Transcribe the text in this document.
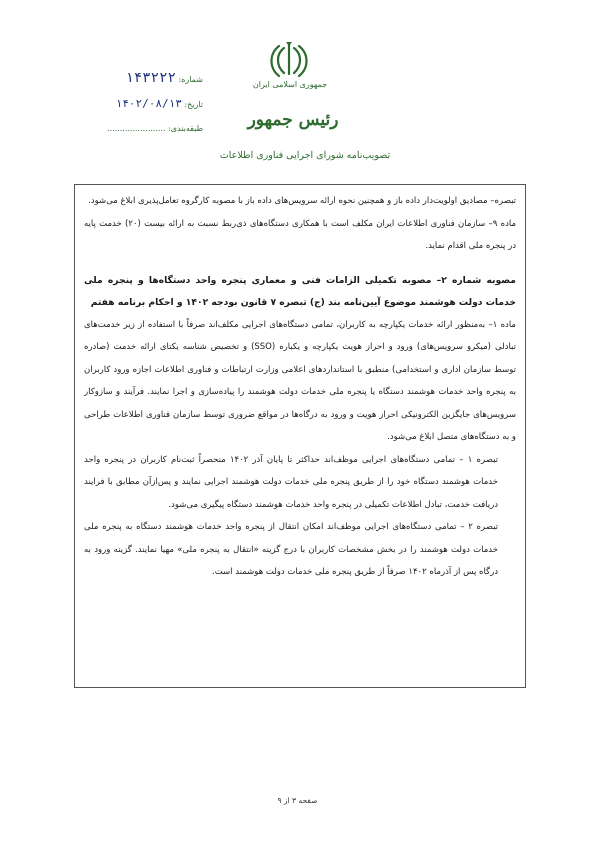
جمهوری اسلامی ایران
رئیس جمهور
تصویب‌نامه شورای اجرایی فناوری اطلاعات
شماره: ۱۴۳۲۲۲
تاریخ: ۱۴۰۲/۰۸/۱۳
طبقه‌بندی: .......................

تبصره– مصادیق اولویت‌دار داده باز و همچنین نحوه ارائه سرویس‌های داده باز با مصوبه کارگروه تعامل‌پذیری ابلاغ می‌شود.

ماده ۹– سازمان فناوری اطلاعات ایران مکلف است با همکاری دستگاه‌های ذی‌ربط نسبت به ارائه بیست (۲۰) خدمت پایه در پنجره ملی اقدام نماید.

مصوبه شماره ۲– مصوبه تکمیلی الزامات فنی و معماری پنجره واحد دستگاه‌ها و پنجره ملی خدمات دولت هوشمند موضوع آیین‌نامه بند (ج) تبصره ۷ قانون بودجه ۱۴۰۲ و احکام برنامه هفتم

ماده ۱– به‌منظور ارائه خدمات یکپارچه به کاربران، تمامی دستگاه‌های اجرایی مکلف‌اند صرفاً با استفاده از زیر خدمت‌های تبادلی (میکرو سرویس‌های) ورود و احراز هویت یکپارچه و یکباره (SSO) و تخصیص شناسه یکتای ارائه خدمت (صادره توسط سازمان اداری و استخدامی) منطبق با استانداردهای اعلامی وزارت ارتباطات و فناوری اطلاعات اجازه ورود کاربران به پنجره واحد خدمات هوشمند دستگاه یا پنجره ملی خدمات دولت هوشمند را پیاده‌سازی و اجرا نمایند. فرآیند و سازوکار سرویس‌های جایگزین الکترونیکی احراز هویت و ورود به درگاه‌ها در مواقع ضروری توسط سازمان فناوری اطلاعات طراحی و به دستگاه‌های متصل ابلاغ می‌شود.

تبصره ۱ – تمامی دستگاه‌های اجرایی موظف‌اند حداکثر تا پایان آذر ۱۴۰۲ منحصراً ثبت‌نام کاربران در پنجره واحد خدمات هوشمند دستگاه خود را از طریق پنجره ملی خدمات دولت هوشمند اجرایی نمایند و پس‌ازآن مطابق با فرایند دریافت خدمت، تبادل اطلاعات تکمیلی در پنجره واحد خدمات هوشمند دستگاه پیگیری می‌شود.

تبصره ۲ – تمامی دستگاه‌های اجرایی موظف‌اند امکان انتقال از پنجره واحد خدمات هوشمند دستگاه به پنجره ملی خدمات دولت هوشمند را در بخش مشخصات کاربران با درج گزینه «انتقال به پنجره ملی» مهیا نمایند. گزینه ورود به درگاه پس از آذرماه ۱۴۰۲ صرفاً از طریق پنجره ملی خدمات دولت هوشمند است.

صفحه ۳ از ۹
